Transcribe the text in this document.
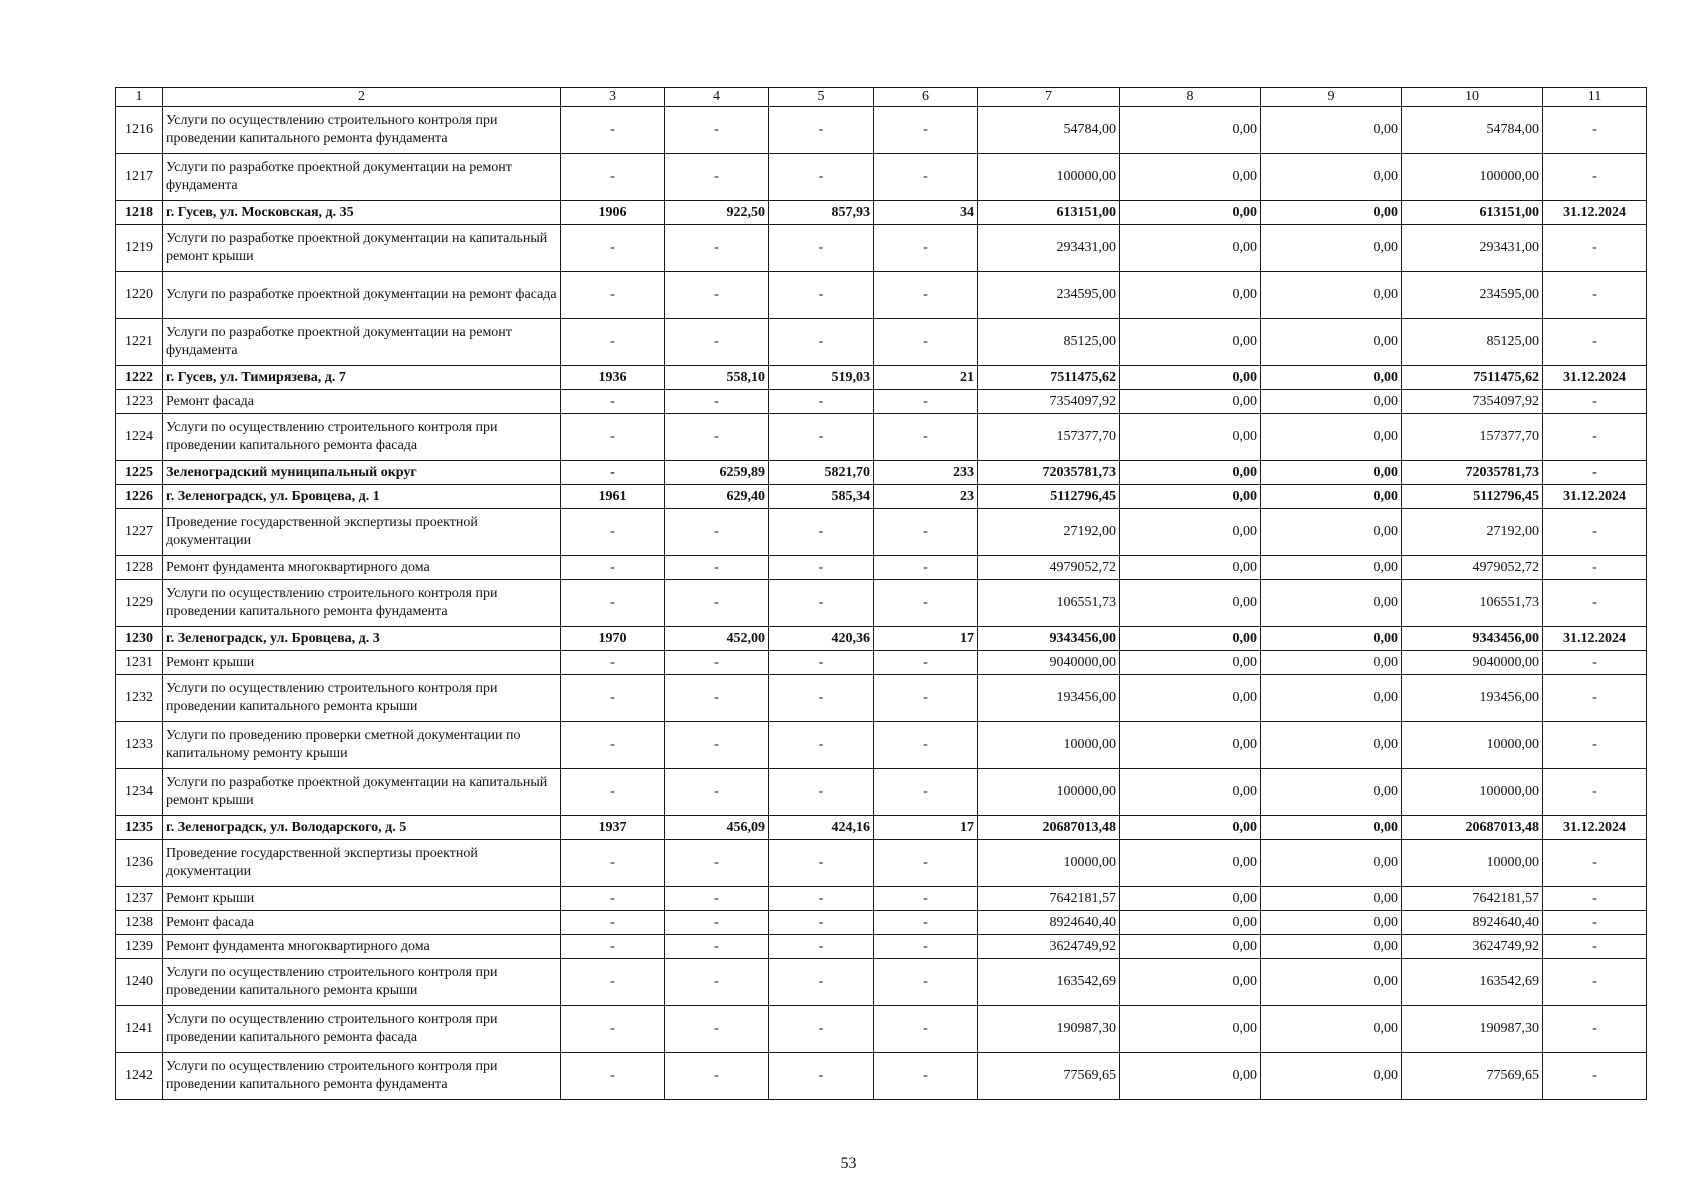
1	2	3	4	5	6	7	8	9	10	11
1216	Услуги по осуществлению строительного контроля при проведении капитального ремонта фундамента	-	-	-	-	54784,00	0,00	0,00	54784,00	-
1217	Услуги по разработке проектной документации на ремонт фундамента	-	-	-	-	100000,00	0,00	0,00	100000,00	-
1218	г. Гусев, ул. Московская, д. 35	1906	922,50	857,93	34	613151,00	0,00	0,00	613151,00	31.12.2024
1219	Услуги по разработке проектной документации на капитальный ремонт крыши	-	-	-	-	293431,00	0,00	0,00	293431,00	-
1220	Услуги по разработке проектной документации на ремонт фасада	-	-	-	-	234595,00	0,00	0,00	234595,00	-
1221	Услуги по разработке проектной документации на ремонт фундамента	-	-	-	-	85125,00	0,00	0,00	85125,00	-
1222	г. Гусев, ул. Тимирязева, д. 7	1936	558,10	519,03	21	7511475,62	0,00	0,00	7511475,62	31.12.2024
1223	Ремонт фасада	-	-	-	-	7354097,92	0,00	0,00	7354097,92	-
1224	Услуги по осуществлению строительного контроля при проведении капитального ремонта фасада	-	-	-	-	157377,70	0,00	0,00	157377,70	-
1225	Зеленоградский муниципальный округ	-	6259,89	5821,70	233	72035781,73	0,00	0,00	72035781,73	-
1226	г. Зеленоградск, ул. Бровцева, д. 1	1961	629,40	585,34	23	5112796,45	0,00	0,00	5112796,45	31.12.2024
1227	Проведение государственной экспертизы проектной документации	-	-	-	-	27192,00	0,00	0,00	27192,00	-
1228	Ремонт фундамента многоквартирного дома	-	-	-	-	4979052,72	0,00	0,00	4979052,72	-
1229	Услуги по осуществлению строительного контроля при проведении капитального ремонта фундамента	-	-	-	-	106551,73	0,00	0,00	106551,73	-
1230	г. Зеленоградск, ул. Бровцева, д. 3	1970	452,00	420,36	17	9343456,00	0,00	0,00	9343456,00	31.12.2024
1231	Ремонт крыши	-	-	-	-	9040000,00	0,00	0,00	9040000,00	-
1232	Услуги по осуществлению строительного контроля при проведении капитального ремонта крыши	-	-	-	-	193456,00	0,00	0,00	193456,00	-
1233	Услуги по проведению проверки сметной документации по капитальному ремонту крыши	-	-	-	-	10000,00	0,00	0,00	10000,00	-
1234	Услуги по разработке проектной документации на капитальный ремонт крыши	-	-	-	-	100000,00	0,00	0,00	100000,00	-
1235	г. Зеленоградск, ул. Володарского, д. 5	1937	456,09	424,16	17	20687013,48	0,00	0,00	20687013,48	31.12.2024
1236	Проведение государственной экспертизы проектной документации	-	-	-	-	10000,00	0,00	0,00	10000,00	-
1237	Ремонт крыши	-	-	-	-	7642181,57	0,00	0,00	7642181,57	-
1238	Ремонт фасада	-	-	-	-	8924640,40	0,00	0,00	8924640,40	-
1239	Ремонт фундамента многоквартирного дома	-	-	-	-	3624749,92	0,00	0,00	3624749,92	-
1240	Услуги по осуществлению строительного контроля при проведении капитального ремонта крыши	-	-	-	-	163542,69	0,00	0,00	163542,69	-
1241	Услуги по осуществлению строительного контроля при проведении капитального ремонта фасада	-	-	-	-	190987,30	0,00	0,00	190987,30	-
1242	Услуги по осуществлению строительного контроля при проведении капитального ремонта фундамента	-	-	-	-	77569,65	0,00	0,00	77569,65	-
53
